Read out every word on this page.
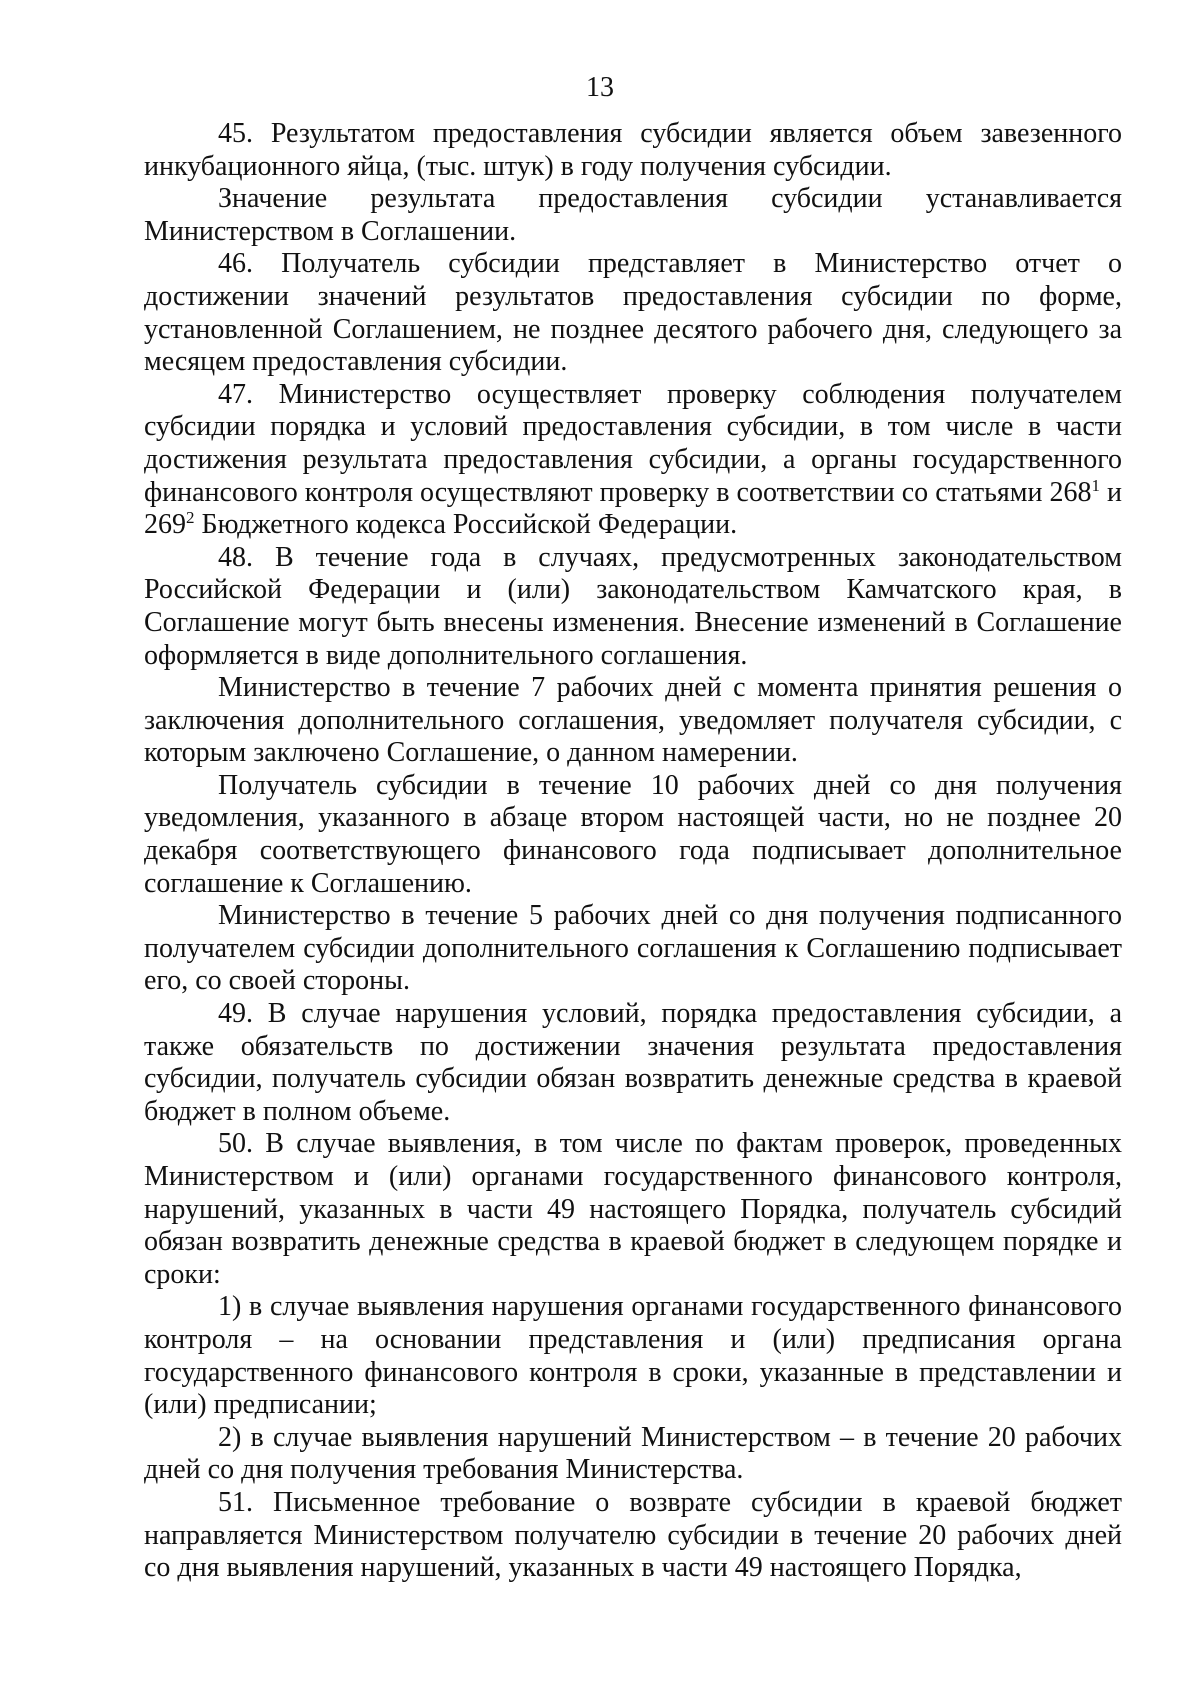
13

45. Результатом предоставления субсидии является объем завезенного инкубационного яйца, (тыс. штук) в году получения субсидии.

Значение результата предоставления субсидии устанавливается Министерством в Соглашении.

46. Получатель субсидии представляет в Министерство отчет о достижении значений результатов предоставления субсидии по форме, установленной Соглашением, не позднее десятого рабочего дня, следующего за месяцем предоставления субсидии.

47. Министерство осуществляет проверку соблюдения получателем субсидии порядка и условий предоставления субсидии, в том числе в части достижения результата предоставления субсидии, а органы государственного финансового контроля осуществляют проверку в соответствии со статьями $268^1$ и $269^2$ Бюджетного кодекса Российской Федерации.

48. В течение года в случаях, предусмотренных законодательством Российской Федерации и (или) законодательством Камчатского края, в Соглашение могут быть внесены изменения. Внесение изменений в Соглашение оформляется в виде дополнительного соглашения.

Министерство в течение 7 рабочих дней с момента принятия решения о заключения дополнительного соглашения, уведомляет получателя субсидии, с которым заключено Соглашение, о данном намерении.

Получатель субсидии в течение 10 рабочих дней со дня получения уведомления, указанного в абзаце втором настоящей части, но не позднее 20 декабря соответствующего финансового года подписывает дополнительное соглашение к Соглашению.

Министерство в течение 5 рабочих дней со дня получения подписанного получателем субсидии дополнительного соглашения к Соглашению подписывает его, со своей стороны.

49. В случае нарушения условий, порядка предоставления субсидии, а также обязательств по достижении значения результата предоставления субсидии, получатель субсидии обязан возвратить денежные средства в краевой бюджет в полном объеме.

50. В случае выявления, в том числе по фактам проверок, проведенных Министерством и (или) органами государственного финансового контроля, нарушений, указанных в части 49 настоящего Порядка, получатель субсидий обязан возвратить денежные средства в краевой бюджет в следующем порядке и сроки:

1) в случае выявления нарушения органами государственного финансового контроля – на основании представления и (или) предписания органа государственного финансового контроля в сроки, указанные в представлении и (или) предписании;

2) в случае выявления нарушений Министерством – в течение 20 рабочих дней со дня получения требования Министерства.

51. Письменное требование о возврате субсидии в краевой бюджет направляется Министерством получателю субсидии в течение 20 рабочих дней со дня выявления нарушений, указанных в части 49 настоящего Порядка,
